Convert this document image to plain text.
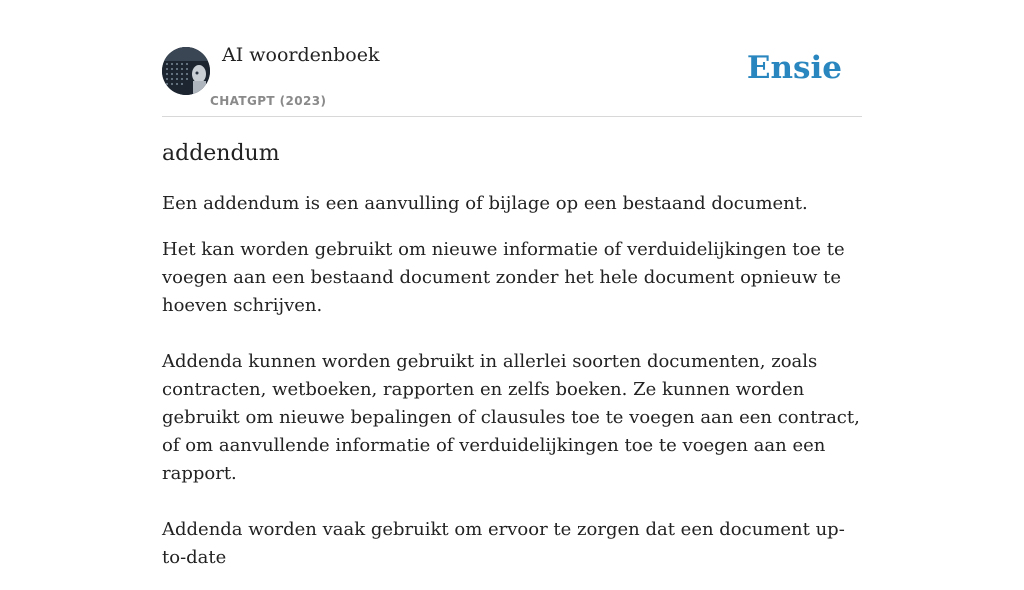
AI woordenboek
CHATGPT (2023)
Ensie
addendum

Een addendum is een aanvulling of bijlage op een bestaand document.

Het kan worden gebruikt om nieuwe informatie of verduidelijkingen toe te voegen aan een bestaand document zonder het hele document opnieuw te hoeven schrijven.

Addenda kunnen worden gebruikt in allerlei soorten documenten, zoals contracten, wetboeken, rapporten en zelfs boeken. Ze kunnen worden gebruikt om nieuwe bepalingen of clausules toe te voegen aan een contract, of om aanvullende informatie of verduidelijkingen toe te voegen aan een rapport.

Addenda worden vaak gebruikt om ervoor te zorgen dat een document up-to-date
